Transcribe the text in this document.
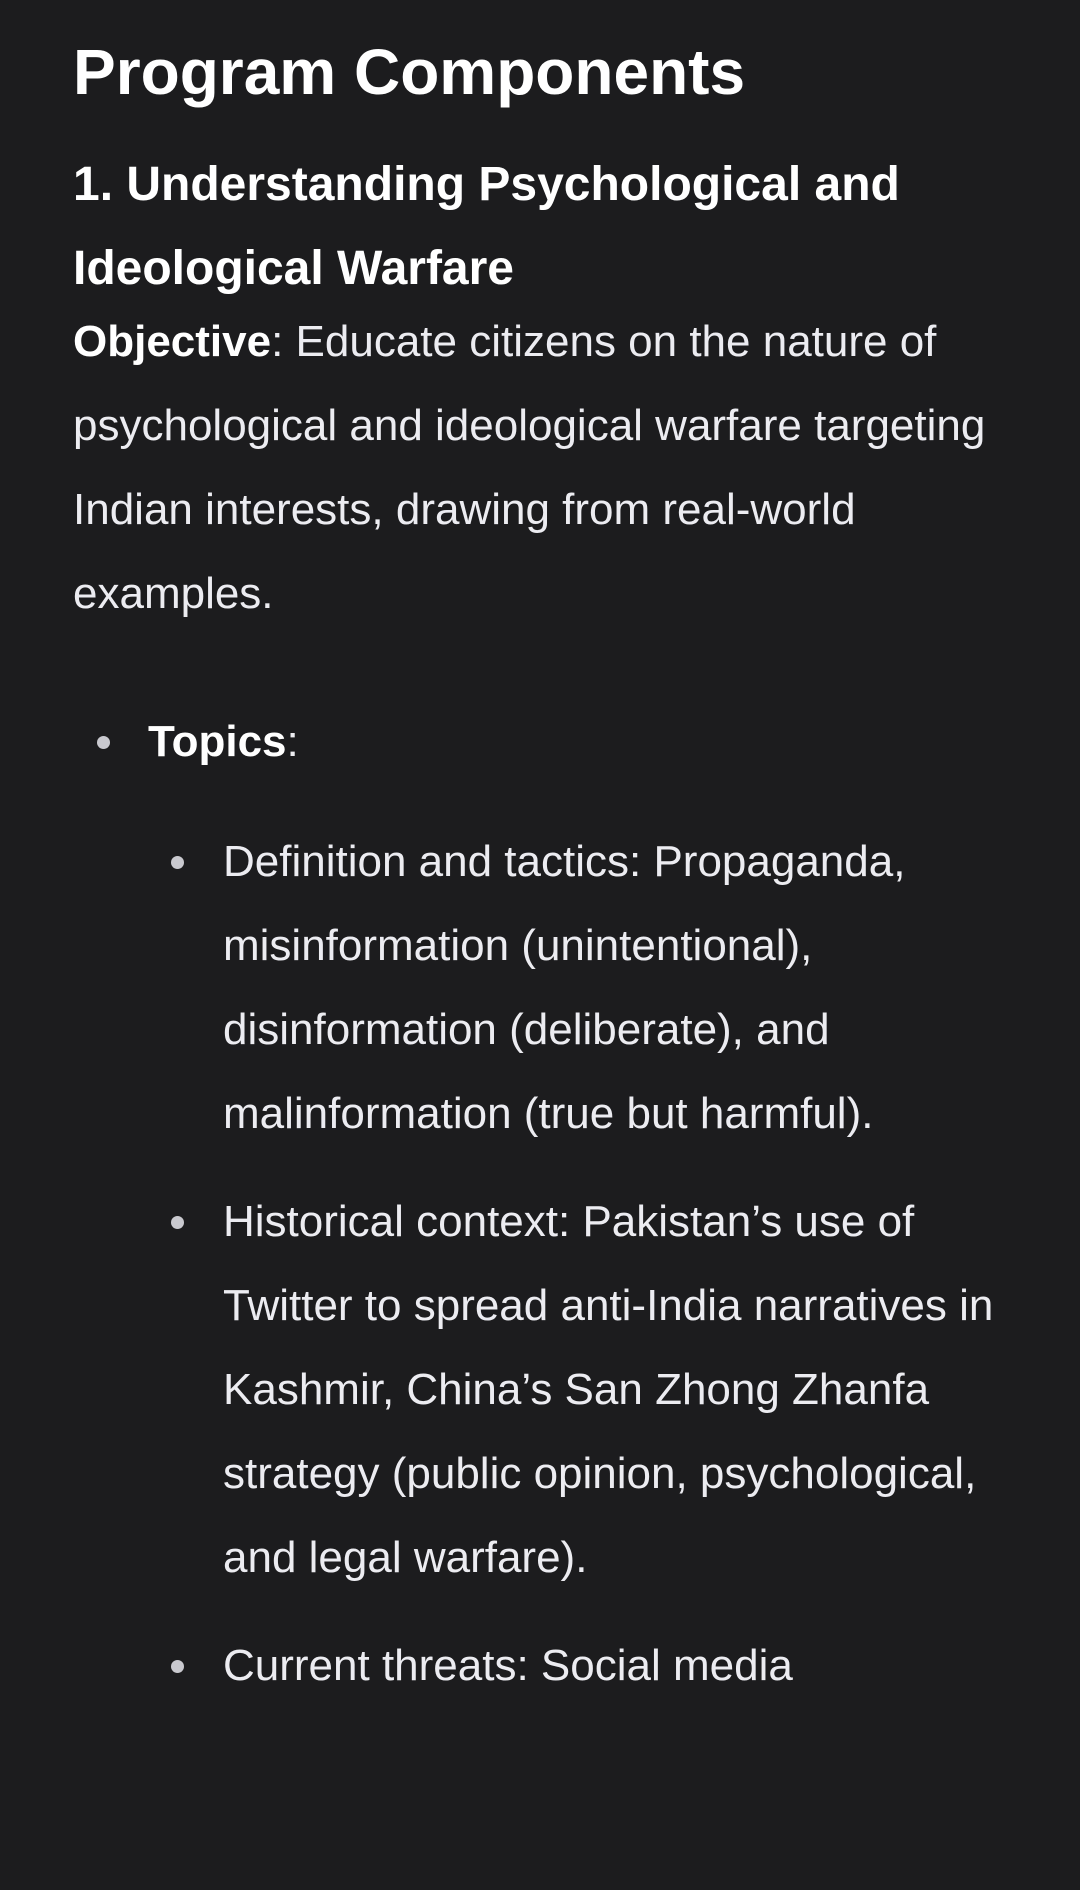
Program Components
1. Understanding Psychological and Ideological Warfare

Objective: Educate citizens on the nature of psychological and ideological warfare targeting Indian interests, drawing from real-world examples.

Topics:
Definition and tactics: Propaganda, misinformation (unintentional), disinformation (deliberate), and malinformation (true but harmful).
Historical context: Pakistan’s use of Twitter to spread anti-India narratives in Kashmir, China’s San Zhong Zhanfa strategy (public opinion, psychological, and legal warfare).
Current threats: Social media
